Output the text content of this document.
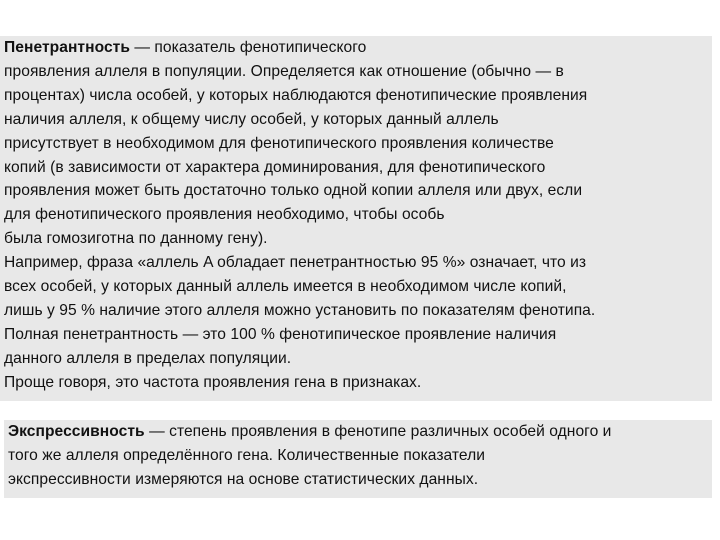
Пенетрантность — показатель фенотипического
проявления аллеля в популяции. Определяется как отношение (обычно — в
процентах) числа особей, у которых наблюдаются фенотипические проявления
наличия аллеля, к общему числу особей, у которых данный аллель
присутствует в необходимом для фенотипического проявления количестве
копий (в зависимости от характера доминирования, для фенотипического
проявления может быть достаточно только одной копии аллеля или двух, если
для фенотипического проявления необходимо, чтобы особь
была гомозиготна по данному гену).
Например, фраза «аллель A обладает пенетрантностью 95 %» означает, что из
всех особей, у которых данный аллель имеется в необходимом числе копий,
лишь у 95 % наличие этого аллеля можно установить по показателям фенотипа.
Полная пенетрантность — это 100 % фенотипическое проявление наличия
данного аллеля в пределах популяции.
Проще говоря, это частота проявления гена в признаках.
Экспрессивность — степень проявления в фенотипе различных особей одного и
того же аллеля определённого гена. Количественные показатели
экспрессивности измеряются на основе статистических данных.
